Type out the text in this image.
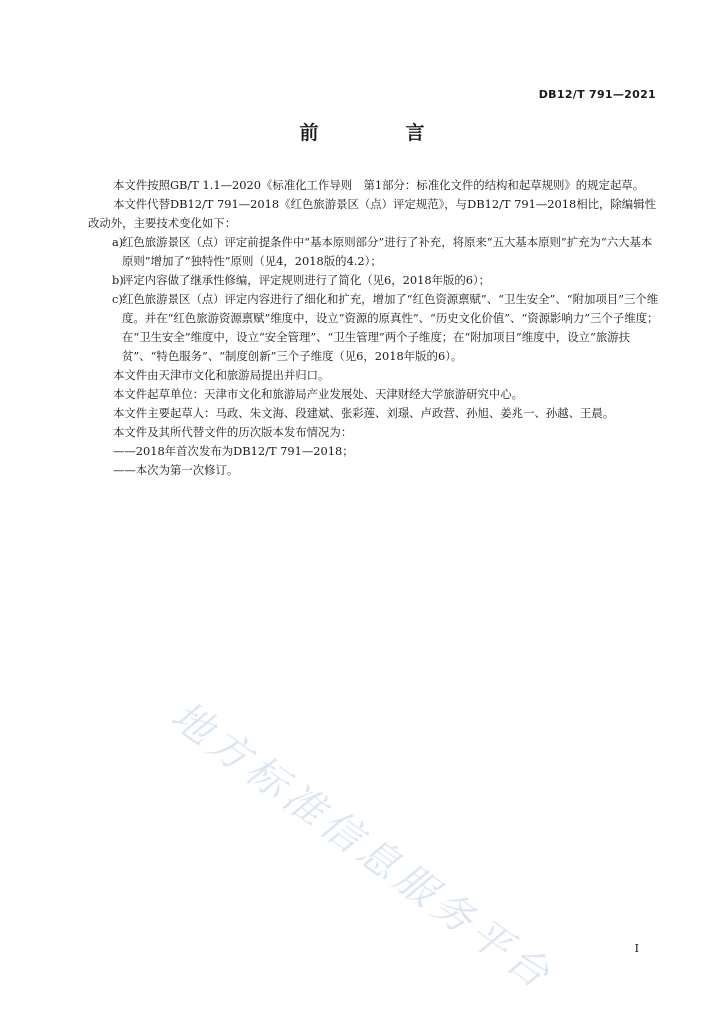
DB12/T 791—2021
前　言

本文件按照GB/T 1.1—2020《标准化工作导则　第1部分：标准化文件的结构和起草规则》的规定起草。

本文件代替DB12/T 791—2018《红色旅游景区（点）评定规范》，与DB12/T 791—2018相比，除编辑性改动外，主要技术变化如下：

a)
红色旅游景区（点）评定前提条件中“基本原则部分”进行了补充，将原来“五大基本原则”扩充为“六大基本原则”增加了“独特性”原则（见4，2018版的4.2）；
b)
评定内容做了继承性修编，评定规则进行了简化（见6，2018年版的6）；
c) 红色旅游景区（点）评定内容进行了细化和扩充，增加了“红色资源禀赋”、“卫生安全”、“附加项目”三个维度。并在“红色旅游资源禀赋”维度中，设立“资源的原真性”、“历史文化价值”、“资源影响力”三个子维度；在“卫生安全”维度中，设立“安全管理”、“卫生管理”两个子维度；在“附加项目”维度中，设立“旅游扶贫”、“特色服务”、“制度创新”三个子维度（见6，2018年版的6）。

本文件由天津市文化和旅游局提出并归口。

本文件起草单位：天津市文化和旅游局产业发展处、天津财经大学旅游研究中心。

本文件主要起草人：马政、朱文海、段建斌、张彩莲、刘璟、卢政营、孙旭、姜兆一、孙越、王晨。

本文件及其所代替文件的历次版本发布情况为：

——2018年首次发布为DB12/T 791—2018；

——本次为第一次修订。

地方标准信息服务平台	I
